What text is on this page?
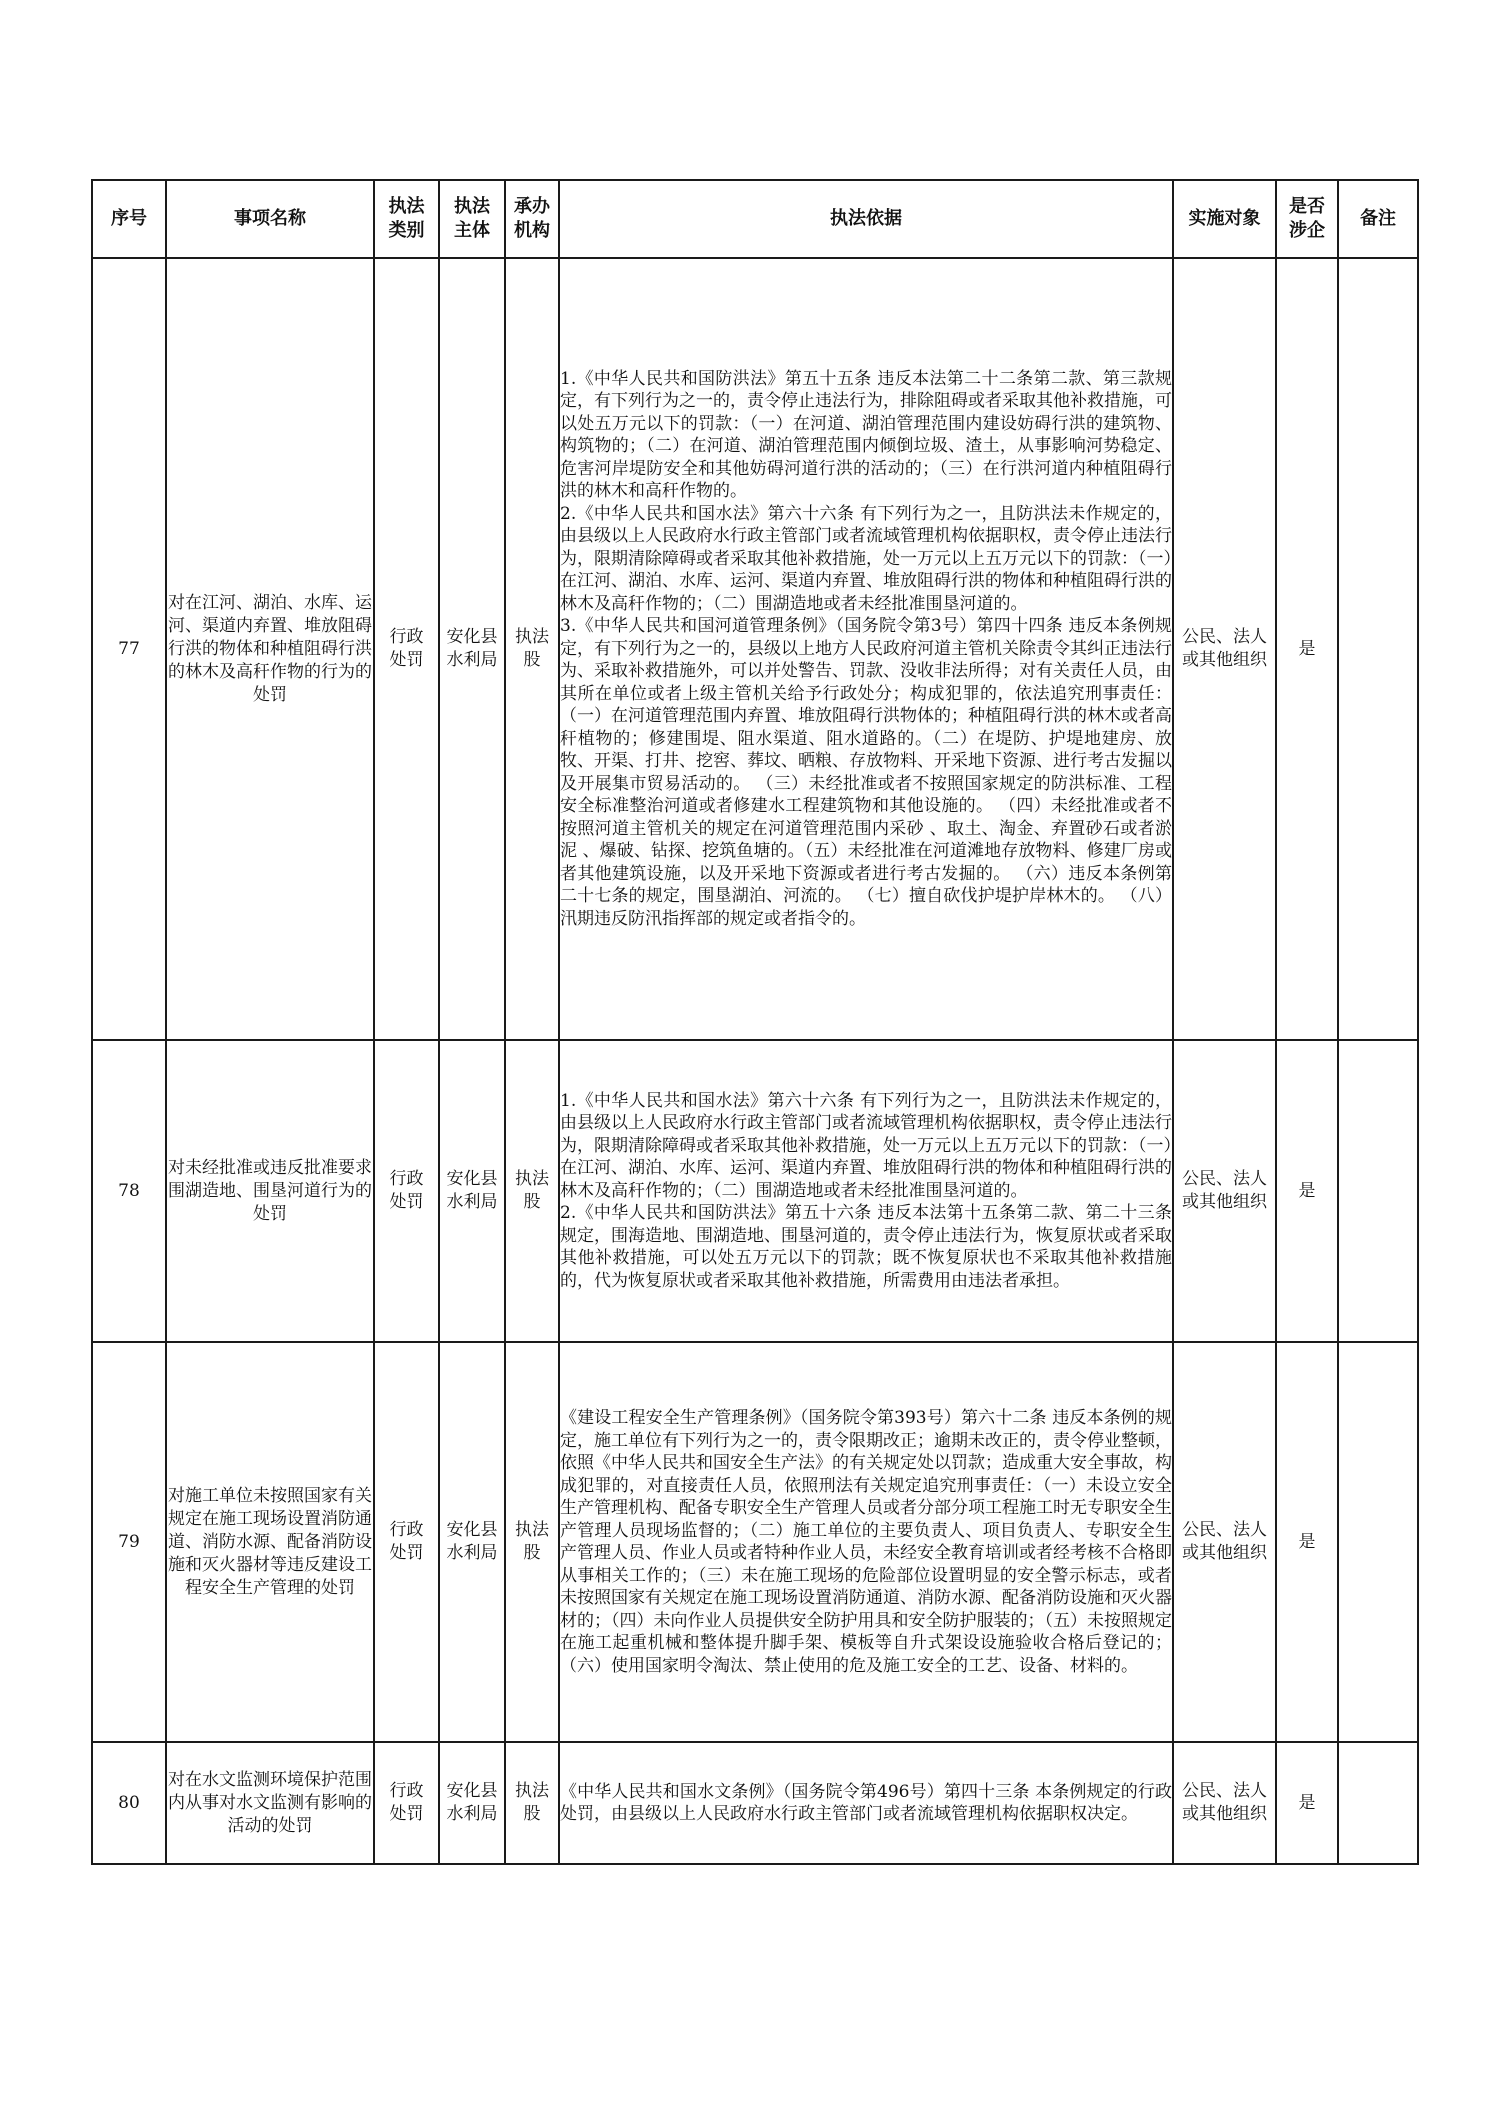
序号	事项名称	执法类别	执法主体	承办机构	执法依据	实施对象	是否涉企	备注
77	对在江河、湖泊、水库、运河、渠道内弃置、堆放阻碍行洪的物体和种植阻碍行洪的林木及高秆作物的行为的处罚	行政处罚	安化县水利局	执法股	1.《中华人民共和国防洪法》第五十五条 违反本法第二十二条第二款、第三款规定，有下列行为之一的，责令停止违法行为，排除阻碍或者采取其他补救措施，可以处五万元以下的罚款：（一）在河道、湖泊管理范围内建设妨碍行洪的建筑物、构筑物的；（二）在河道、湖泊管理范围内倾倒垃圾、渣土，从事影响河势稳定、危害河岸堤防安全和其他妨碍河道行洪的活动的；（三）在行洪河道内种植阻碍行洪的林木和高秆作物的。
2.《中华人民共和国水法》第六十六条 有下列行为之一，且防洪法未作规定的，由县级以上人民政府水行政主管部门或者流域管理机构依据职权，责令停止违法行为，限期清除障碍或者采取其他补救措施，处一万元以上五万元以下的罚款：（一）在江河、湖泊、水库、运河、渠道内弃置、堆放阻碍行洪的物体和种植阻碍行洪的林木及高秆作物的；（二）围湖造地或者未经批准围垦河道的。
3.《中华人民共和国河道管理条例》（国务院令第3号）第四十四条 违反本条例规定，有下列行为之一的，县级以上地方人民政府河道主管机关除责令其纠正违法行为、采取补救措施外，可以并处警告、罚款、没收非法所得；对有关责任人员，由其所在单位或者上级主管机关给予行政处分；构成犯罪的，依法追究刑事责任：（一）在河道管理范围内弃置、堆放阻碍行洪物体的；种植阻碍行洪的林木或者高秆植物的；修建围堤、阻水渠道、阻水道路的。（二）在堤防、护堤地建房、放牧、开渠、打井、挖窖、葬坟、晒粮、存放物料、开采地下资源、进行考古发掘以及开展集市贸易活动的。 （三）未经批准或者不按照国家规定的防洪标准、工程安全标准整治河道或者修建水工程建筑物和其他设施的。 （四）未经批准或者不按照河道主管机关的规定在河道管理范围内采砂 、取土、淘金、弃置砂石或者淤泥 、爆破、钻探、挖筑鱼塘的。（五）未经批准在河道滩地存放物料、修建厂房或者其他建筑设施，以及开采地下资源或者进行考古发掘的。 （六）违反本条例第二十七条的规定，围垦湖泊、河流的。 （七）擅自砍伐护堤护岸林木的。 （八）汛期违反防汛指挥部的规定或者指令的。	公民、法人或其他组织	是	
78	对未经批准或违反批准要求围湖造地、围垦河道行为的处罚	行政处罚	安化县水利局	执法股	1.《中华人民共和国水法》第六十六条 有下列行为之一，且防洪法未作规定的，由县级以上人民政府水行政主管部门或者流域管理机构依据职权，责令停止违法行为，限期清除障碍或者采取其他补救措施，处一万元以上五万元以下的罚款：（一）在江河、湖泊、水库、运河、渠道内弃置、堆放阻碍行洪的物体和种植阻碍行洪的林木及高秆作物的；（二）围湖造地或者未经批准围垦河道的。
2.《中华人民共和国防洪法》第五十六条 违反本法第十五条第二款、第二十三条规定，围海造地、围湖造地、围垦河道的，责令停止违法行为，恢复原状或者采取其他补救措施，可以处五万元以下的罚款；既不恢复原状也不采取其他补救措施的，代为恢复原状或者采取其他补救措施，所需费用由违法者承担。	公民、法人或其他组织	是	
79	对施工单位未按照国家有关规定在施工现场设置消防通道、消防水源、配备消防设施和灭火器材等违反建设工程安全生产管理的处罚	行政处罚	安化县水利局	执法股	《建设工程安全生产管理条例》（国务院令第393号）第六十二条 违反本条例的规定，施工单位有下列行为之一的，责令限期改正；逾期未改正的，责令停业整顿，依照《中华人民共和国安全生产法》的有关规定处以罚款；造成重大安全事故，构成犯罪的，对直接责任人员，依照刑法有关规定追究刑事责任：（一）未设立安全生产管理机构、配备专职安全生产管理人员或者分部分项工程施工时无专职安全生产管理人员现场监督的；（二）施工单位的主要负责人、项目负责人、专职安全生产管理人员、作业人员或者特种作业人员，未经安全教育培训或者经考核不合格即从事相关工作的；（三）未在施工现场的危险部位设置明显的安全警示标志，或者未按照国家有关规定在施工现场设置消防通道、消防水源、配备消防设施和灭火器材的；（四）未向作业人员提供安全防护用具和安全防护服装的；（五）未按照规定在施工起重机械和整体提升脚手架、模板等自升式架设设施验收合格后登记的；（六）使用国家明令淘汰、禁止使用的危及施工安全的工艺、设备、材料的。	公民、法人或其他组织	是	
80	对在水文监测环境保护范围内从事对水文监测有影响的活动的处罚	行政处罚	安化县水利局	执法股	《中华人民共和国水文条例》（国务院令第496号）第四十三条 本条例规定的行政处罚，由县级以上人民政府水行政主管部门或者流域管理机构依据职权决定。	公民、法人或其他组织	是	
